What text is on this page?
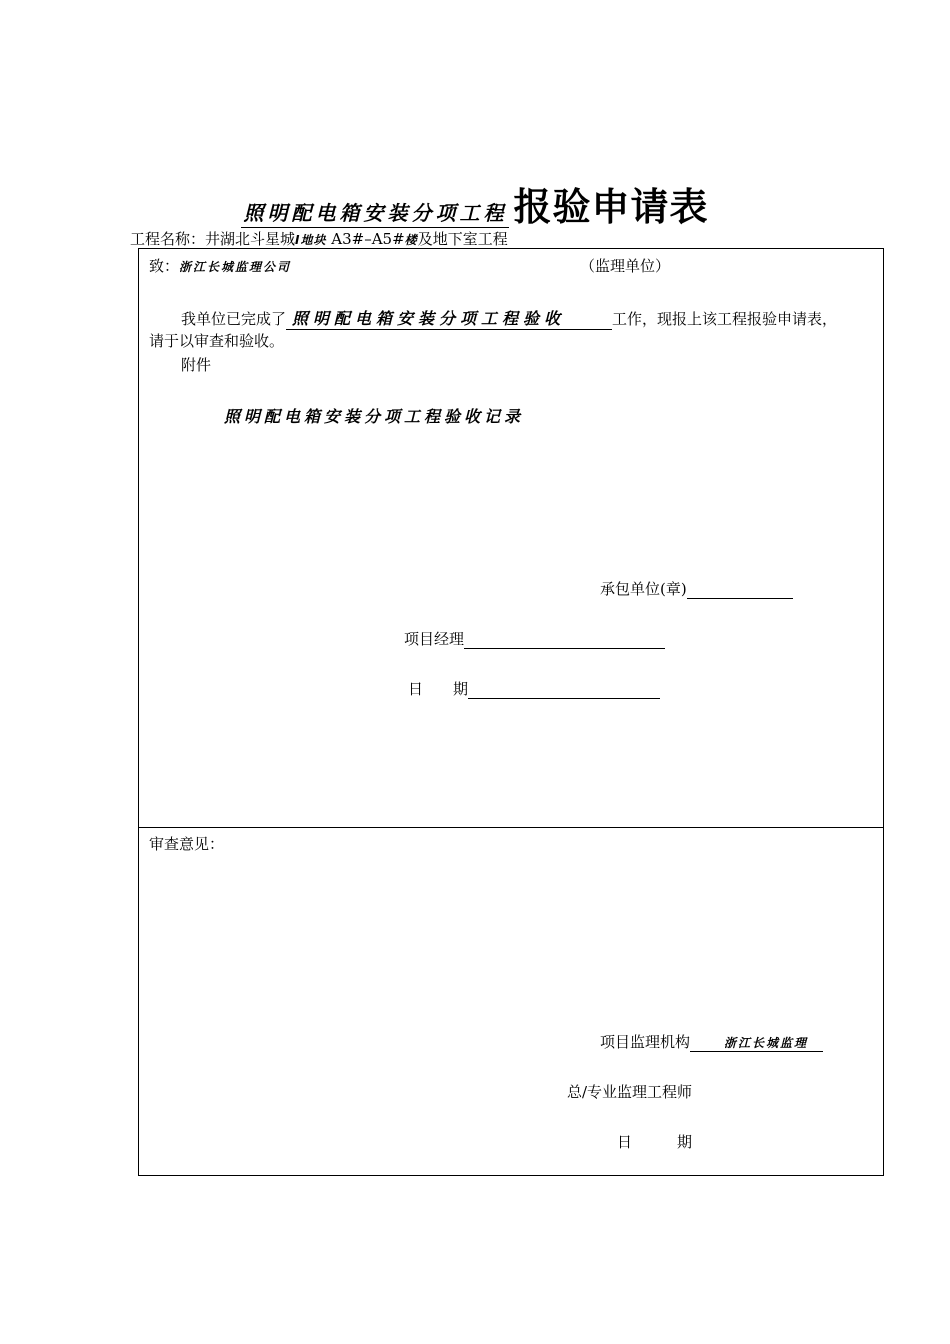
照明配电箱安装分项工程 报验申请表
工程名称：井湖北斗星城I地块 A3#–A5#楼及地下室工程
致：浙江长城监理公司	（监理单位）
我单位已完成了 照明配电箱安装分项工程验收	工作，现报上该工程报验申请表，
请于以审查和验收。
附件
照明配电箱安装分项工程验收记录
承包单位(章)
项目经理
日　　期
审查意见：
项目监理机构	浙江长城监理
总/专业监理工程师
日　　　期
